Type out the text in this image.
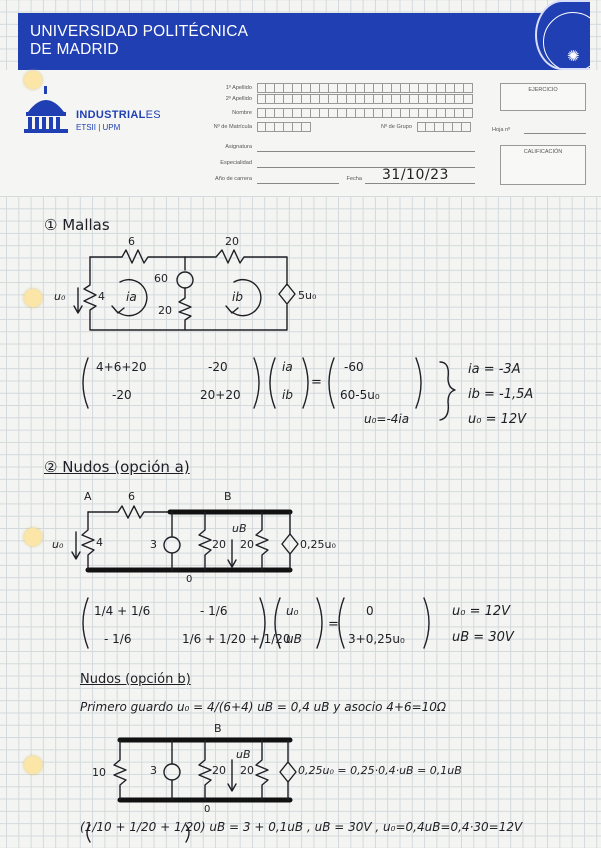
UNIVERSIDAD POLITÉCNICA
DE MADRID	✺
INDUSTRIALES
ETSII | UPM
1º Apellido
2º Apellido
Nombre
Nº de Matrícula	Nº de Grupo
Asignatura
Especialidad
Año de carrera	Fecha 31/10/23
EJERCICIO
Hoja nº
CALIFICACIÓN
① Mallas
6	20
4
60
20
5u₀
u₀	ia	ib
4+6+20	-20
-20	20+20
ia
ib
=
-60
60-5u₀
u₀=-4ia
ia = -3A
ib = -1,5A
u₀ = 12V
② Nudos (opción a)
A	B
6
4	3	20 20
uB
0,25u₀
u₀
0
1/4 + 1/6	- 1/6
- 1/6	1/6 + 1/20 + 1/20
u₀
uB
=
0
3+0,25u₀
u₀ = 12V
uB = 30V
Nudos (opción b)
Primero guardo u₀ = 4/(6+4) uB = 0,4 uB y asocio 4+6=10Ω
B
10	3	20 20
uB
0,25u₀ = 0,25·0,4·uB = 0,1uB
0
(1/10 + 1/20 + 1/20) uB = 3 + 0,1uB , uB = 30V , u₀=0,4uB=0,4·30=12V
